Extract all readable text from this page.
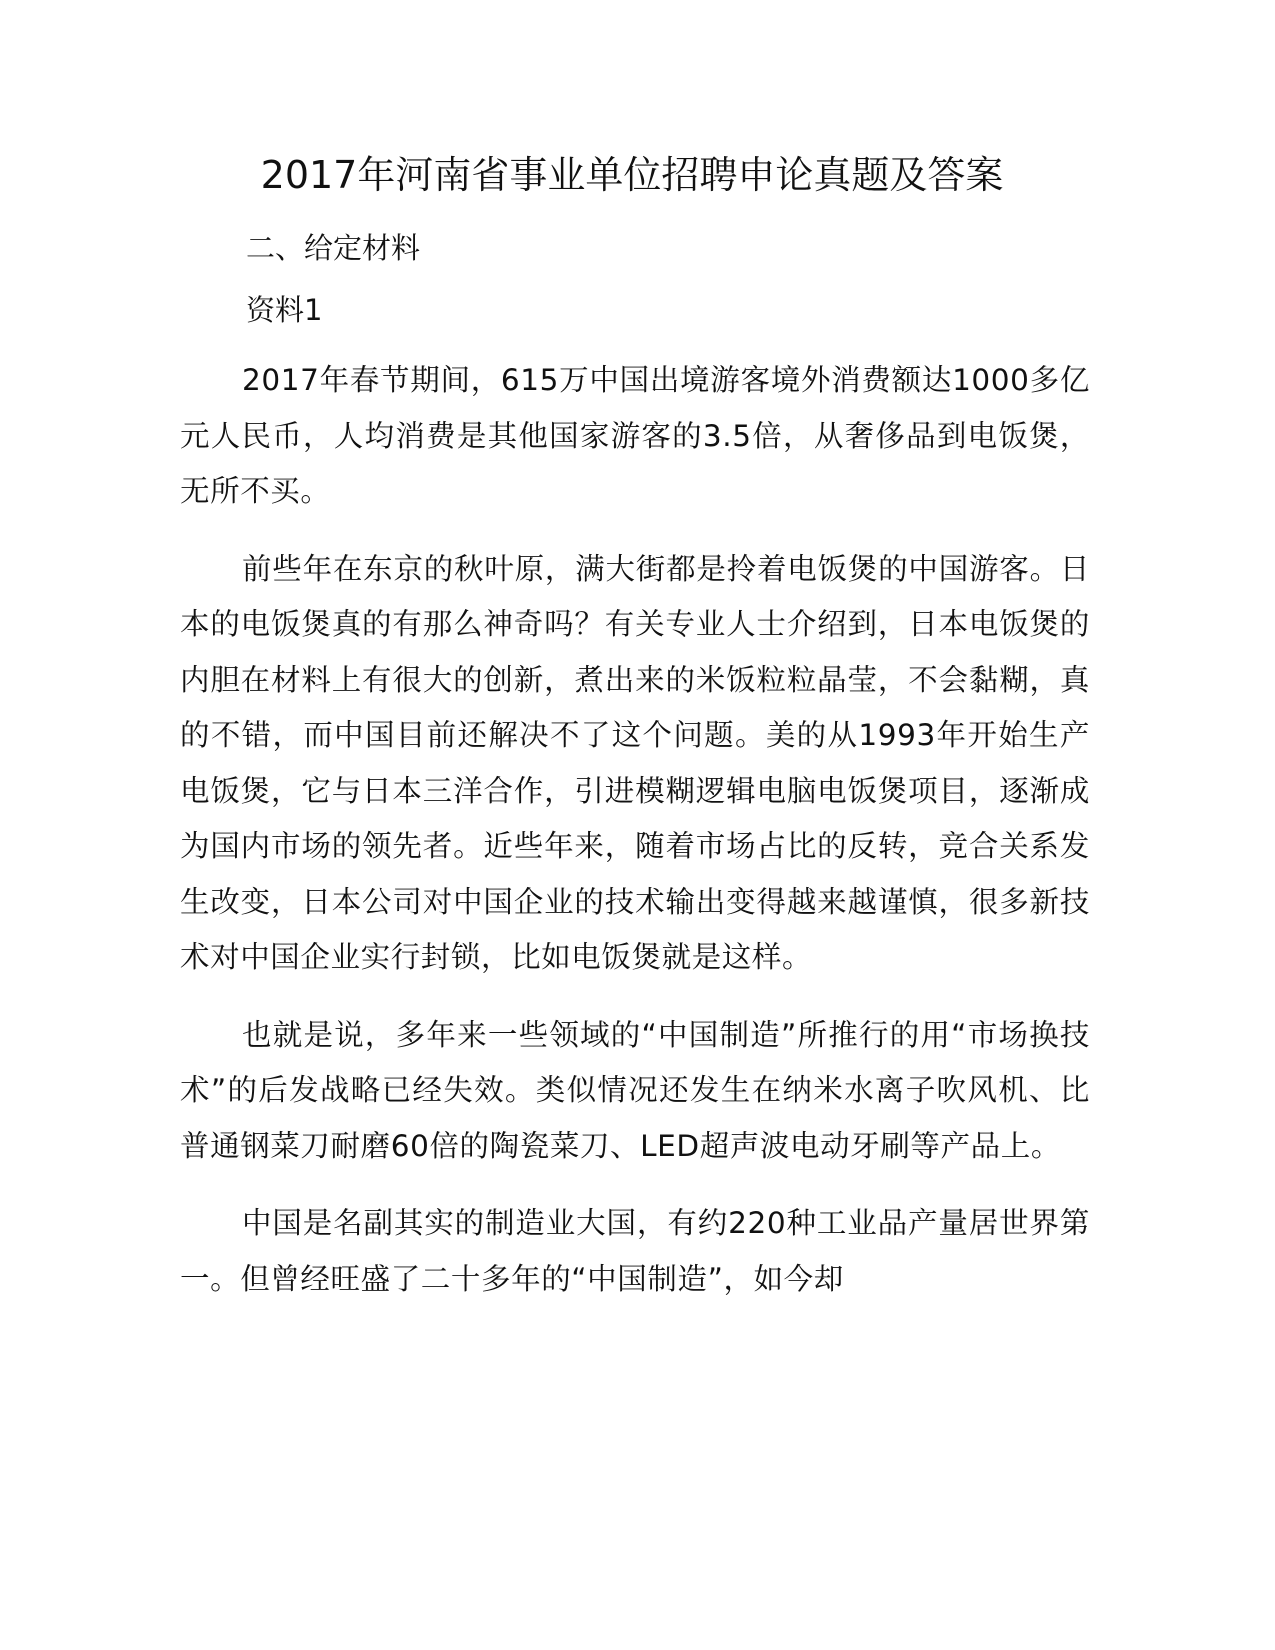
2017年河南省事业单位招聘申论真题及答案

二、给定材料

资料1

2017年春节期间，615万中国出境游客境外消费额达1000多亿元人民币，人均消费是其他国家游客的3.5倍，从奢侈品到电饭煲，无所不买。

前些年在东京的秋叶原，满大街都是拎着电饭煲的中国游客。日本的电饭煲真的有那么神奇吗？有关专业人士介绍到，日本电饭煲的内胆在材料上有很大的创新，煮出来的米饭粒粒晶莹，不会黏糊，真的不错，而中国目前还解决不了这个问题。美的从1993年开始生产电饭煲，它与日本三洋合作，引进模糊逻辑电脑电饭煲项目，逐渐成为国内市场的领先者。近些年来，随着市场占比的反转，竞合关系发生改变，日本公司对中国企业的技术输出变得越来越谨慎，很多新技术对中国企业实行封锁，比如电饭煲就是这样。

也就是说，多年来一些领域的“中国制造”所推行的用“市场换技术”的后发战略已经失效。类似情况还发生在纳米水离子吹风机、比普通钢菜刀耐磨60倍的陶瓷菜刀、LED超声波电动牙刷等产品上。

中国是名副其实的制造业大国，有约220种工业品产量居世界第一。但曾经旺盛了二十多年的“中国制造”，如今却
